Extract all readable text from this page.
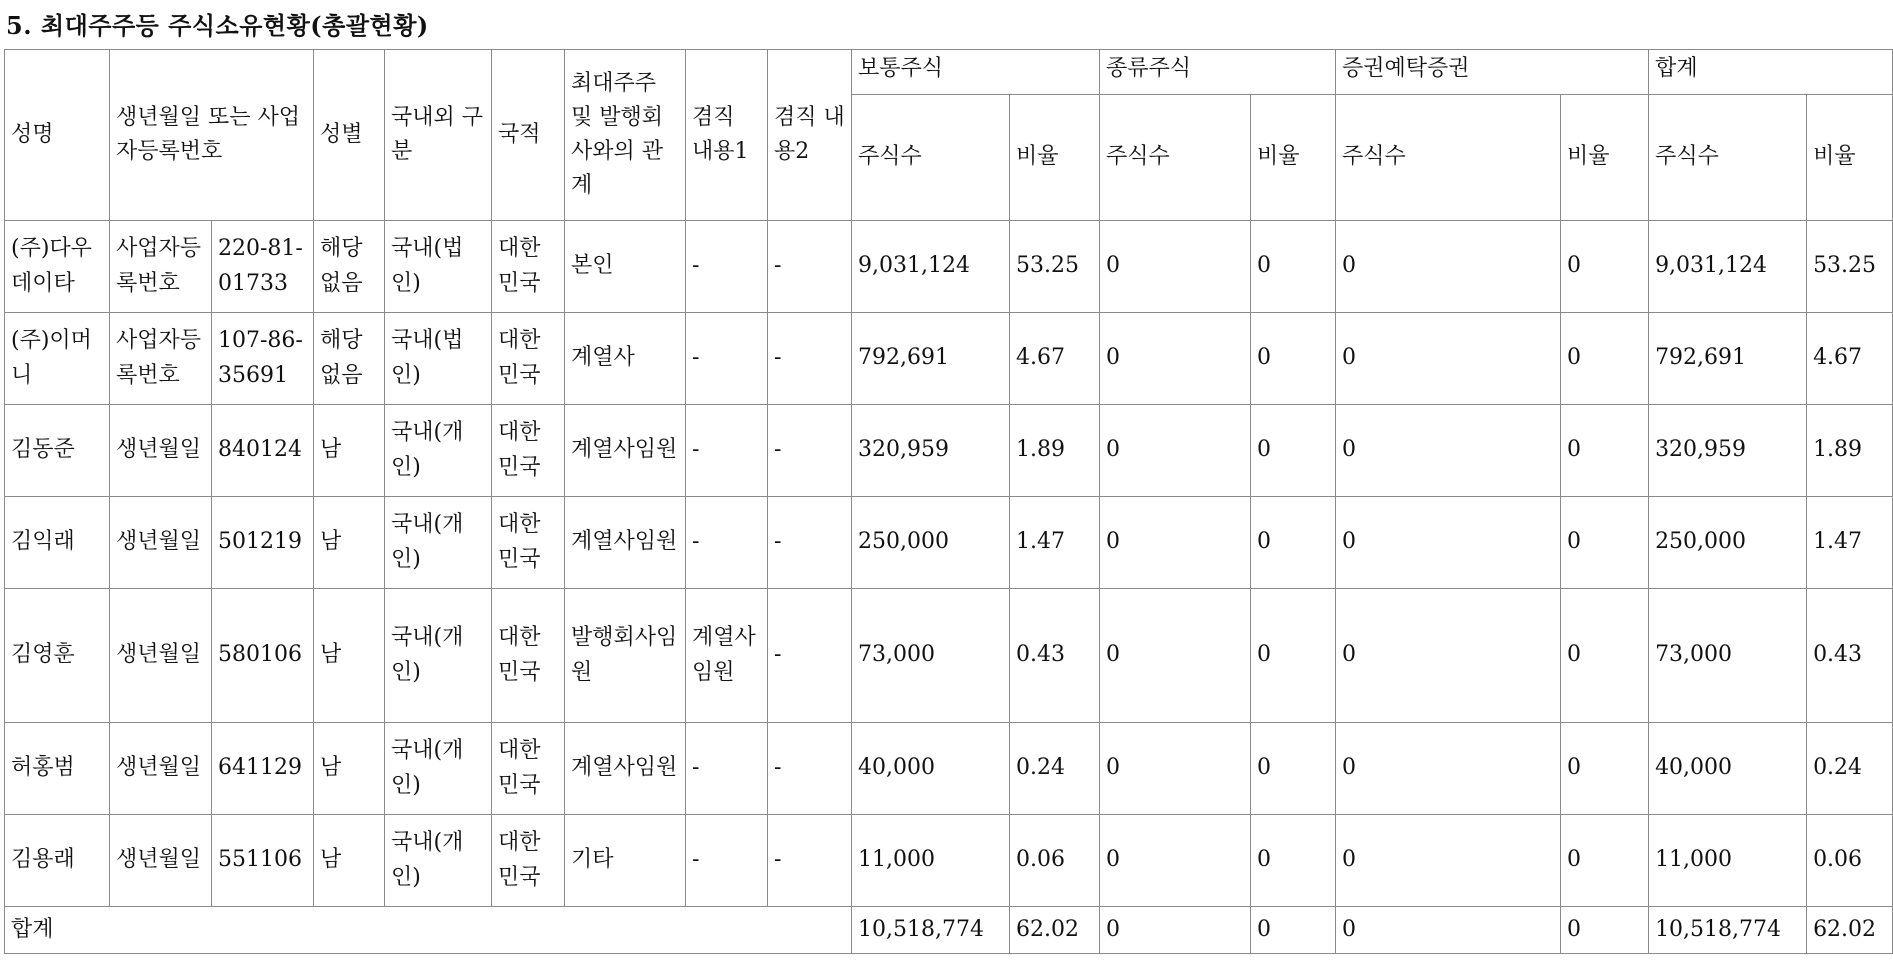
5. 최대주주등 주식소유현황(총괄현황)
성명	생년월일 또는 사업자등록번호		성별	국내외 구분	국적	최대주주 및 발행회사와의 관계	겸직 내용1	겸직 내용2	보통주식		종류주식		증권예탁증권		합계	
									주식수	비율	주식수	비율	주식수	비율	주식수	비율
(주)다우데이타	사업자등록번호	220-81-01733	해당없음	국내(법인)	대한민국	본인	-	-	9,031,124	53.25	0	0	0	0	9,031,124	53.25
(주)이머니	사업자등록번호	107-86-35691	해당없음	국내(법인)	대한민국	계열사	-	-	792,691	4.67	0	0	0	0	792,691	4.67
김동준	생년월일	840124	남	국내(개인)	대한민국	계열사임원	-	-	320,959	1.89	0	0	0	0	320,959	1.89
김익래	생년월일	501219	남	국내(개인)	대한민국	계열사임원	-	-	250,000	1.47	0	0	0	0	250,000	1.47
김영훈	생년월일	580106	남	국내(개인)	대한민국	발행회사임원	계열사임원	-	73,000	0.43	0	0	0	0	73,000	0.43
허홍범	생년월일	641129	남	국내(개인)	대한민국	계열사임원	-	-	40,000	0.24	0	0	0	0	40,000	0.24
김용래	생년월일	551106	남	국내(개인)	대한민국	기타	-	-	11,000	0.06	0	0	0	0	11,000	0.06
합계									10,518,774	62.02	0	0	0	0	10,518,774	62.02
